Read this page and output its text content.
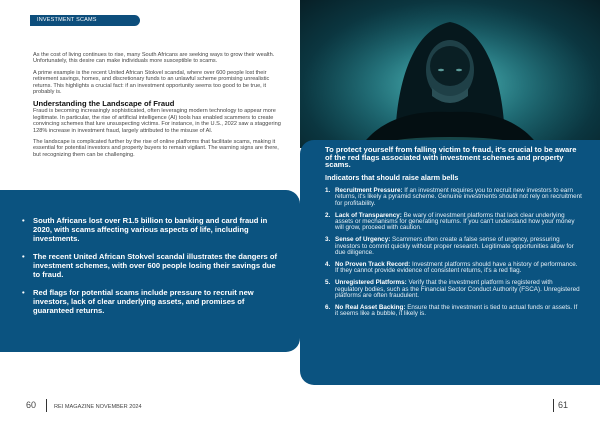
INVESTMENT SCAMS

As the cost of living continues to rise, many South Africans are seeking ways to grow their wealth. Unfortunately, this desire can make individuals more susceptible to scams.

A prime example is the recent United African Stokvel scandal, where over 600 people lost their retirement savings, homes, and discretionary funds to an unlawful scheme promising unrealistic returns. This highlights a crucial fact: if an investment opportunity seems too good to be true, it probably is.

Understanding the Landscape of Fraud

Fraud is becoming increasingly sophisticated, often leveraging modern technology to appear more legitimate. In particular, the rise of artificial intelligence (AI) tools has enabled scammers to create convincing schemes that lure unsuspecting victims. For instance, in the U.S., 2022 saw a staggering 128% increase in investment fraud, largely attributed to the misuse of AI.

The landscape is complicated further by the rise of online platforms that facilitate scams, making it essential for potential investors and property buyers to remain vigilant. The warning signs are there, but recognizing them can be challenging.

• South Africans lost over R1.5 billion to banking and card fraud in 2020, with scams affecting various aspects of life, including investments.
• The recent United African Stokvel scandal illustrates the dangers of investment schemes, with over 600 people losing their savings due to fraud.
• Red flags for potential scams include pressure to recruit new investors, lack of clear underlying assets, and promises of guaranteed returns.
60	REI MAGAZINE NOVEMBER 2024
To protect yourself from falling victim to fraud, it's crucial to be aware of the red flags associated with investment schemes and property scams.
Indicators that should raise alarm bells
1. Recruitment Pressure: If an investment requires you to recruit new investors to earn returns, it's likely a pyramid scheme. Genuine investments should not rely on recruitment for profitability.
2. Lack of Transparency: Be wary of investment platforms that lack clear underlying assets or mechanisms for generating returns. If you can't understand how your money will grow, proceed with caution.
3. Sense of Urgency: Scammers often create a false sense of urgency, pressuring investors to commit quickly without proper research. Legitimate opportunities allow for due diligence.
4. No Proven Track Record: Investment platforms should have a history of performance. If they cannot provide evidence of consistent returns, it's a red flag.
5. Unregistered Platforms: Verify that the investment platform is registered with regulatory bodies, such as the Financial Sector Conduct Authority (FSCA). Unregistered platforms are often fraudulent.
6. No Real Asset Backing: Ensure that the investment is tied to actual funds or assets. If it seems like a bubble, it likely is.
61
